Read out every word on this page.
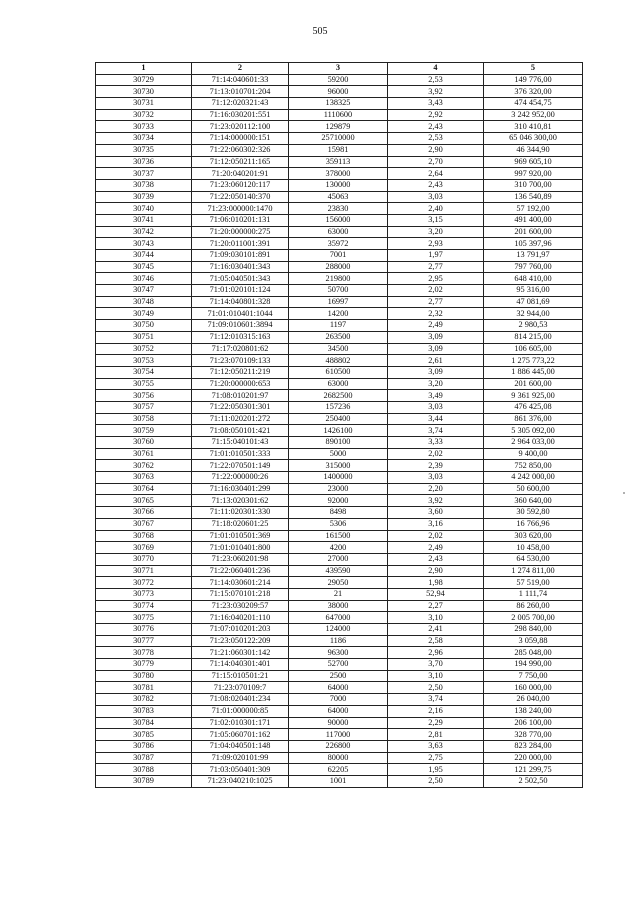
505
1	2	3	4	5
30729	71:14:040601:33	59200	2,53	149 776,00
30730	71:13:010701:204	96000	3,92	376 320,00
30731	71:12:020321:43	138325	3,43	474 454,75
30732	71:16:030201:551	1110600	2,92	3 242 952,00
30733	71:23:020112:100	129879	2,43	310 410,81
30734	71:14:000000:151	25710000	2,53	65 046 300,00
30735	71:22:060302:326	15981	2,90	46 344,90
30736	71:12:050211:165	359113	2,70	969 605,10
30737	71:20:040201:91	378000	2,64	997 920,00
30738	71:23:060120:117	130000	2,43	310 700,00
30739	71:22:050140:370	45063	3,03	136 540,89
30740	71:23:000000:1470	23830	2,40	57 192,00
30741	71:06:010201:131	156000	3,15	491 400,00
30742	71:20:000000:275	63000	3,20	201 600,00
30743	71:20:011001:391	35972	2,93	105 397,96
30744	71:09:030101:891	7001	1,97	13 791,97
30745	71:16:030401:343	288000	2,77	797 760,00
30746	71:05:040501:343	219800	2,95	648 410,00
30747	71:01:020101:124	50700	2,02	95 316,00
30748	71:14:040801:328	16997	2,77	47 081,69
30749	71:01:010401:1044	14200	2,32	32 944,00
30750	71:09:010601:3894	1197	2,49	2 980,53
30751	71:12:010315:163	263500	3,09	814 215,00
30752	71:17:020801:62	34500	3,09	106 605,00
30753	71:23:070109:133	488802	2,61	1 275 773,22
30754	71:12:050211:219	610500	3,09	1 886 445,00
30755	71:20:000000:653	63000	3,20	201 600,00
30756	71:08:010201:97	2682500	3,49	9 361 925,00
30757	71:22:050301:301	157236	3,03	476 425,08
30758	71:11:020201:272	250400	3,44	861 376,00
30759	71:08:050101:421	1426100	3,74	5 305 092,00
30760	71:15:040101:43	890100	3,33	2 964 033,00
30761	71:01:010501:333	5000	2,02	9 400,00
30762	71:22:070501:149	315000	2,39	752 850,00
30763	71:22:000000:26	1400000	3,03	4 242 000,00
30764	71:16:030401:299	23000	2,20	50 600,00
30765	71:13:020301:62	92000	3,92	360 640,00
30766	71:11:020301:330	8498	3,60	30 592,80
30767	71:18:020601:25	5306	3,16	16 766,96
30768	71:01:010501:369	161500	2,02	303 620,00
30769	71:01:010401:800	4200	2,49	10 458,00
30770	71:23:060201:98	27000	2,43	64 530,00
30771	71:22:060401:236	439590	2,90	1 274 811,00
30772	71:14:030601:214	29050	1,98	57 519,00
30773	71:15:070101:218	21	52,94	1 111,74
30774	71:23:030209:57	38000	2,27	86 260,00
30775	71:16:040201:110	647000	3,10	2 005 700,00
30776	71:07:010201:203	124000	2,41	298 840,00
30777	71:23:050122:209	1186	2,58	3 059,88
30778	71:21:060301:142	96300	2,96	285 048,00
30779	71:14:040301:401	52700	3,70	194 990,00
30780	71:15:010501:21	2500	3,10	7 750,00
30781	71:23:070109:7	64000	2,50	160 000,00
30782	71:08:020401:234	7000	3,74	26 040,00
30783	71:01:000000:85	64000	2,16	138 240,00
30784	71:02:010301:171	90000	2,29	206 100,00
30785	71:05:060701:162	117000	2,81	328 770,00
30786	71:04:040501:148	226800	3,63	823 284,00
30787	71:09:020101:99	80000	2,75	220 000,00
30788	71:03:050401:309	62205	1,95	121 299,75
30789	71:23:040210:1025	1001	2,50	2 502,50
